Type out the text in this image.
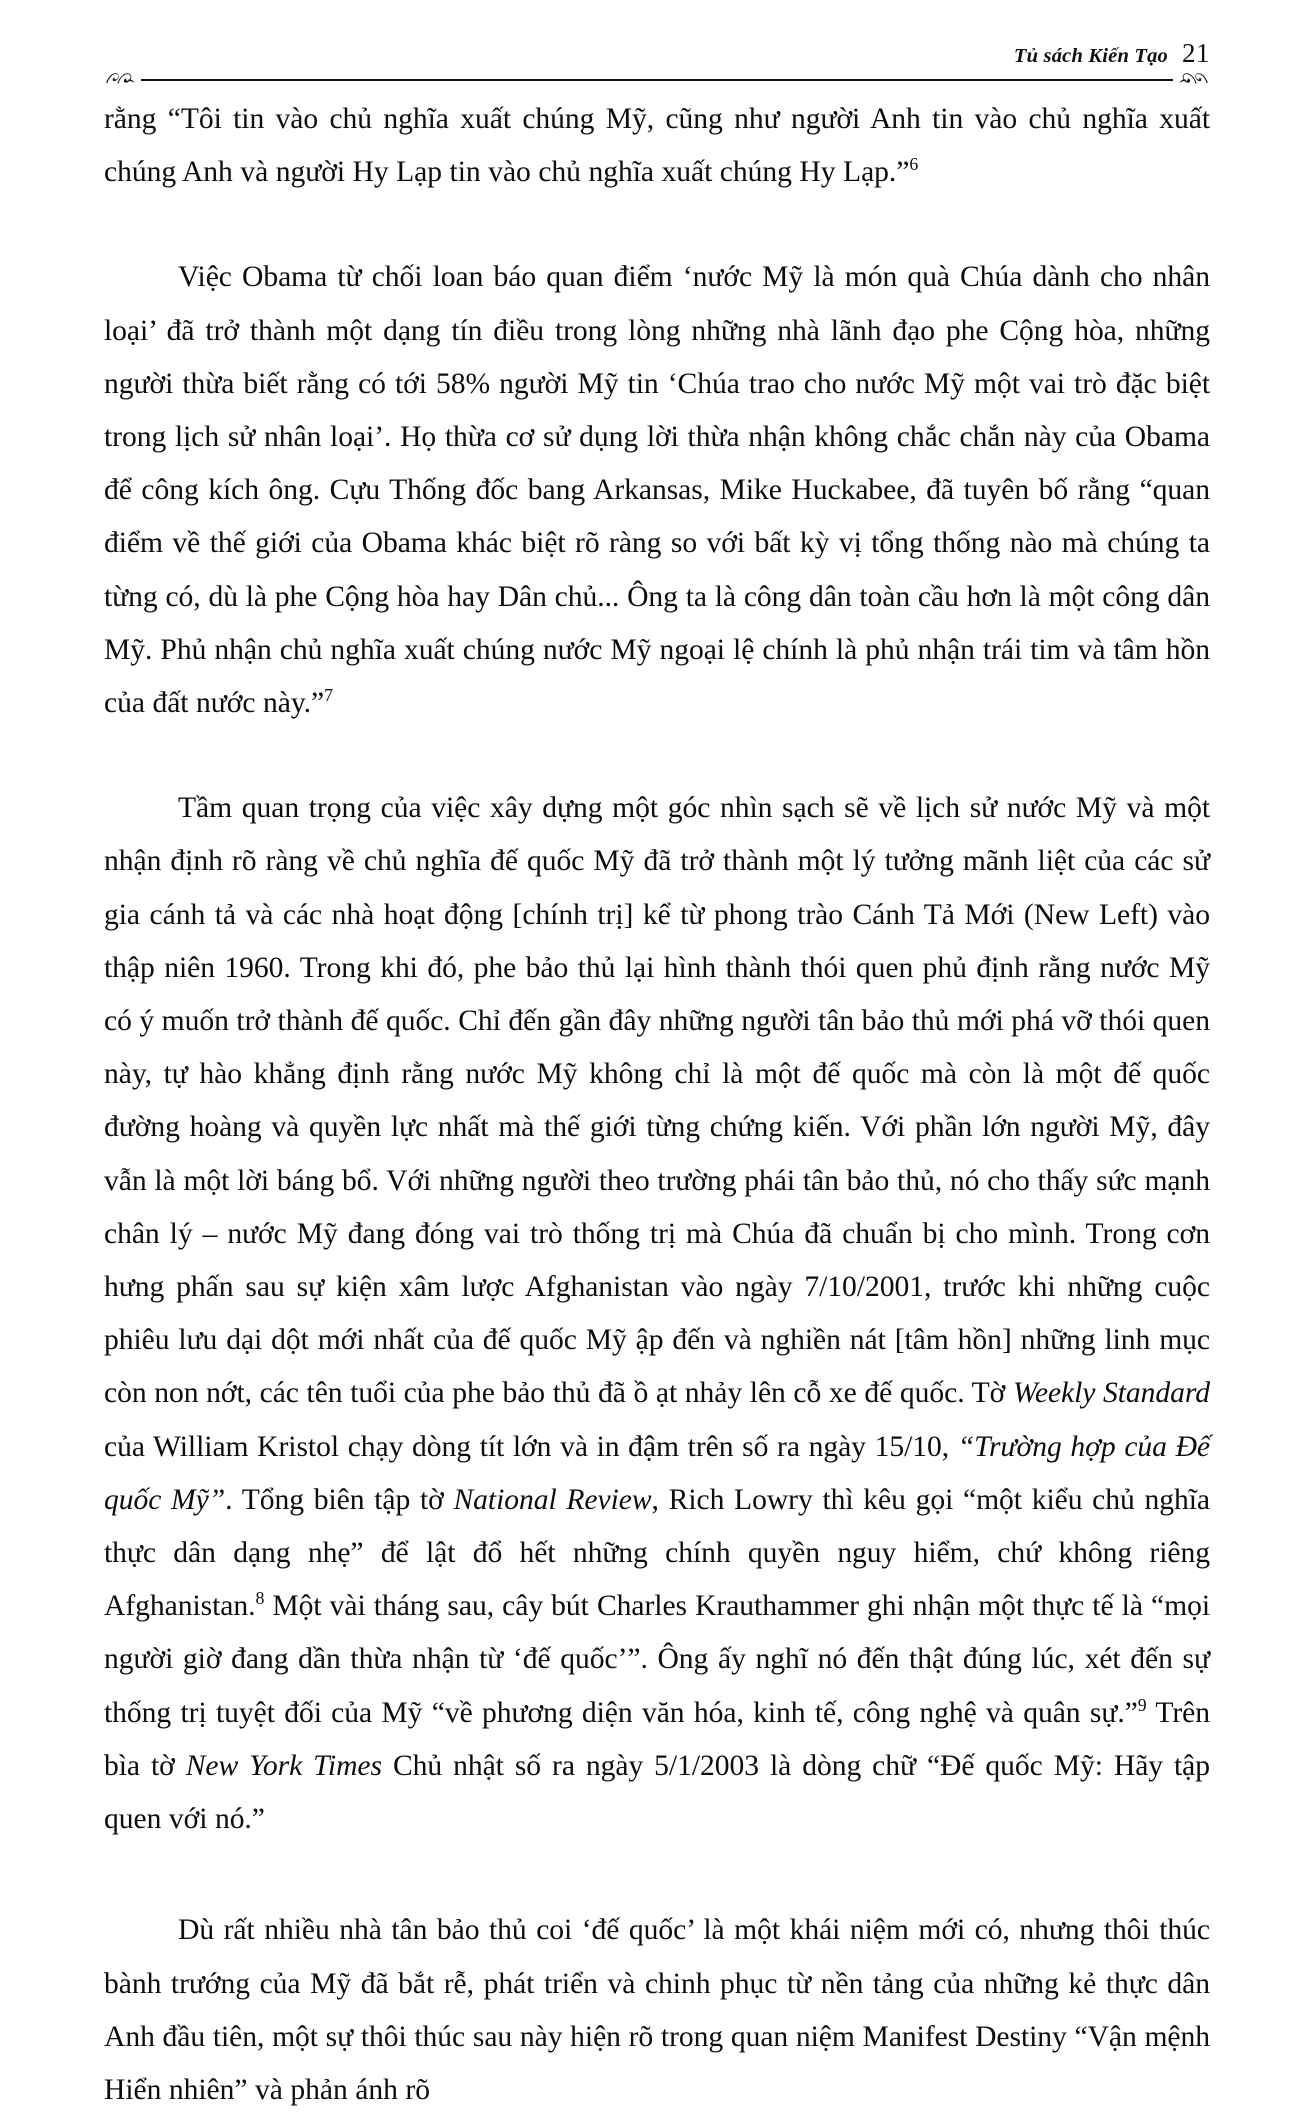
Tủ sách Kiến Tạo 21

rằng “Tôi tin vào chủ nghĩa xuất chúng Mỹ, cũng như người Anh tin vào chủ nghĩa xuất chúng Anh và người Hy Lạp tin vào chủ nghĩa xuất chúng Hy Lạp.”$^6$

Việc Obama từ chối loan báo quan điểm ‘nước Mỹ là món quà Chúa dành cho nhân loại’ đã trở thành một dạng tín điều trong lòng những nhà lãnh đạo phe Cộng hòa, những người thừa biết rằng có tới 58% người Mỹ tin ‘Chúa trao cho nước Mỹ một vai trò đặc biệt trong lịch sử nhân loại’. Họ thừa cơ sử dụng lời thừa nhận không chắc chắn này của Obama để công kích ông. Cựu Thống đốc bang Arkansas, Mike Huckabee, đã tuyên bố rằng “quan điểm về thế giới của Obama khác biệt rõ ràng so với bất kỳ vị tổng thống nào mà chúng ta từng có, dù là phe Cộng hòa hay Dân chủ... Ông ta là công dân toàn cầu hơn là một công dân Mỹ. Phủ nhận chủ nghĩa xuất chúng nước Mỹ ngoại lệ chính là phủ nhận trái tim và tâm hồn của đất nước này.”$^7$

Tầm quan trọng của việc xây dựng một góc nhìn sạch sẽ về lịch sử nước Mỹ và một nhận định rõ ràng về chủ nghĩa đế quốc Mỹ đã trở thành một lý tưởng mãnh liệt của các sử gia cánh tả và các nhà hoạt động [chính trị] kể từ phong trào Cánh Tả Mới (New Left) vào thập niên 1960. Trong khi đó, phe bảo thủ lại hình thành thói quen phủ định rằng nước Mỹ có ý muốn trở thành đế quốc. Chỉ đến gần đây những người tân bảo thủ mới phá vỡ thói quen này, tự hào khẳng định rằng nước Mỹ không chỉ là một đế quốc mà còn là một đế quốc đường hoàng và quyền lực nhất mà thế giới từng chứng kiến. Với phần lớn người Mỹ, đây vẫn là một lời báng bổ. Với những người theo trường phái tân bảo thủ, nó cho thấy sức mạnh chân lý – nước Mỹ đang đóng vai trò thống trị mà Chúa đã chuẩn bị cho mình. Trong cơn hưng phấn sau sự kiện xâm lược Afghanistan vào ngày 7/10/2001, trước khi những cuộc phiêu lưu dại dột mới nhất của đế quốc Mỹ ập đến và nghiền nát [tâm hồn] những linh mục còn non nớt, các tên tuổi của phe bảo thủ đã ồ ạt nhảy lên cỗ xe đế quốc. Tờ Weekly Standard của William Kristol chạy dòng tít lớn và in đậm trên số ra ngày 15/10, “Trường hợp của Đế quốc Mỹ”. Tổng biên tập tờ National Review, Rich Lowry thì kêu gọi “một kiểu chủ nghĩa thực dân dạng nhẹ” để lật đổ hết những chính quyền nguy hiểm, chứ không riêng Afghanistan.$^8$ Một vài tháng sau, cây bút Charles Krauthammer ghi nhận một thực tế là “mọi người giờ đang dần thừa nhận từ ‘đế quốc’”. Ông ấy nghĩ nó đến thật đúng lúc, xét đến sự thống trị tuyệt đối của Mỹ “về phương diện văn hóa, kinh tế, công nghệ và quân sự.”$^9$ Trên bìa tờ New York Times Chủ nhật số ra ngày 5/1/2003 là dòng chữ “Đế quốc Mỹ: Hãy tập quen với nó.”

Dù rất nhiều nhà tân bảo thủ coi ‘đế quốc’ là một khái niệm mới có, nhưng thôi thúc bành trướng của Mỹ đã bắt rễ, phát triển và chinh phục từ nền tảng của những kẻ thực dân Anh đầu tiên, một sự thôi thúc sau này hiện rõ trong quan niệm Manifest Destiny “Vận mệnh Hiển nhiên” và phản ánh rõ
